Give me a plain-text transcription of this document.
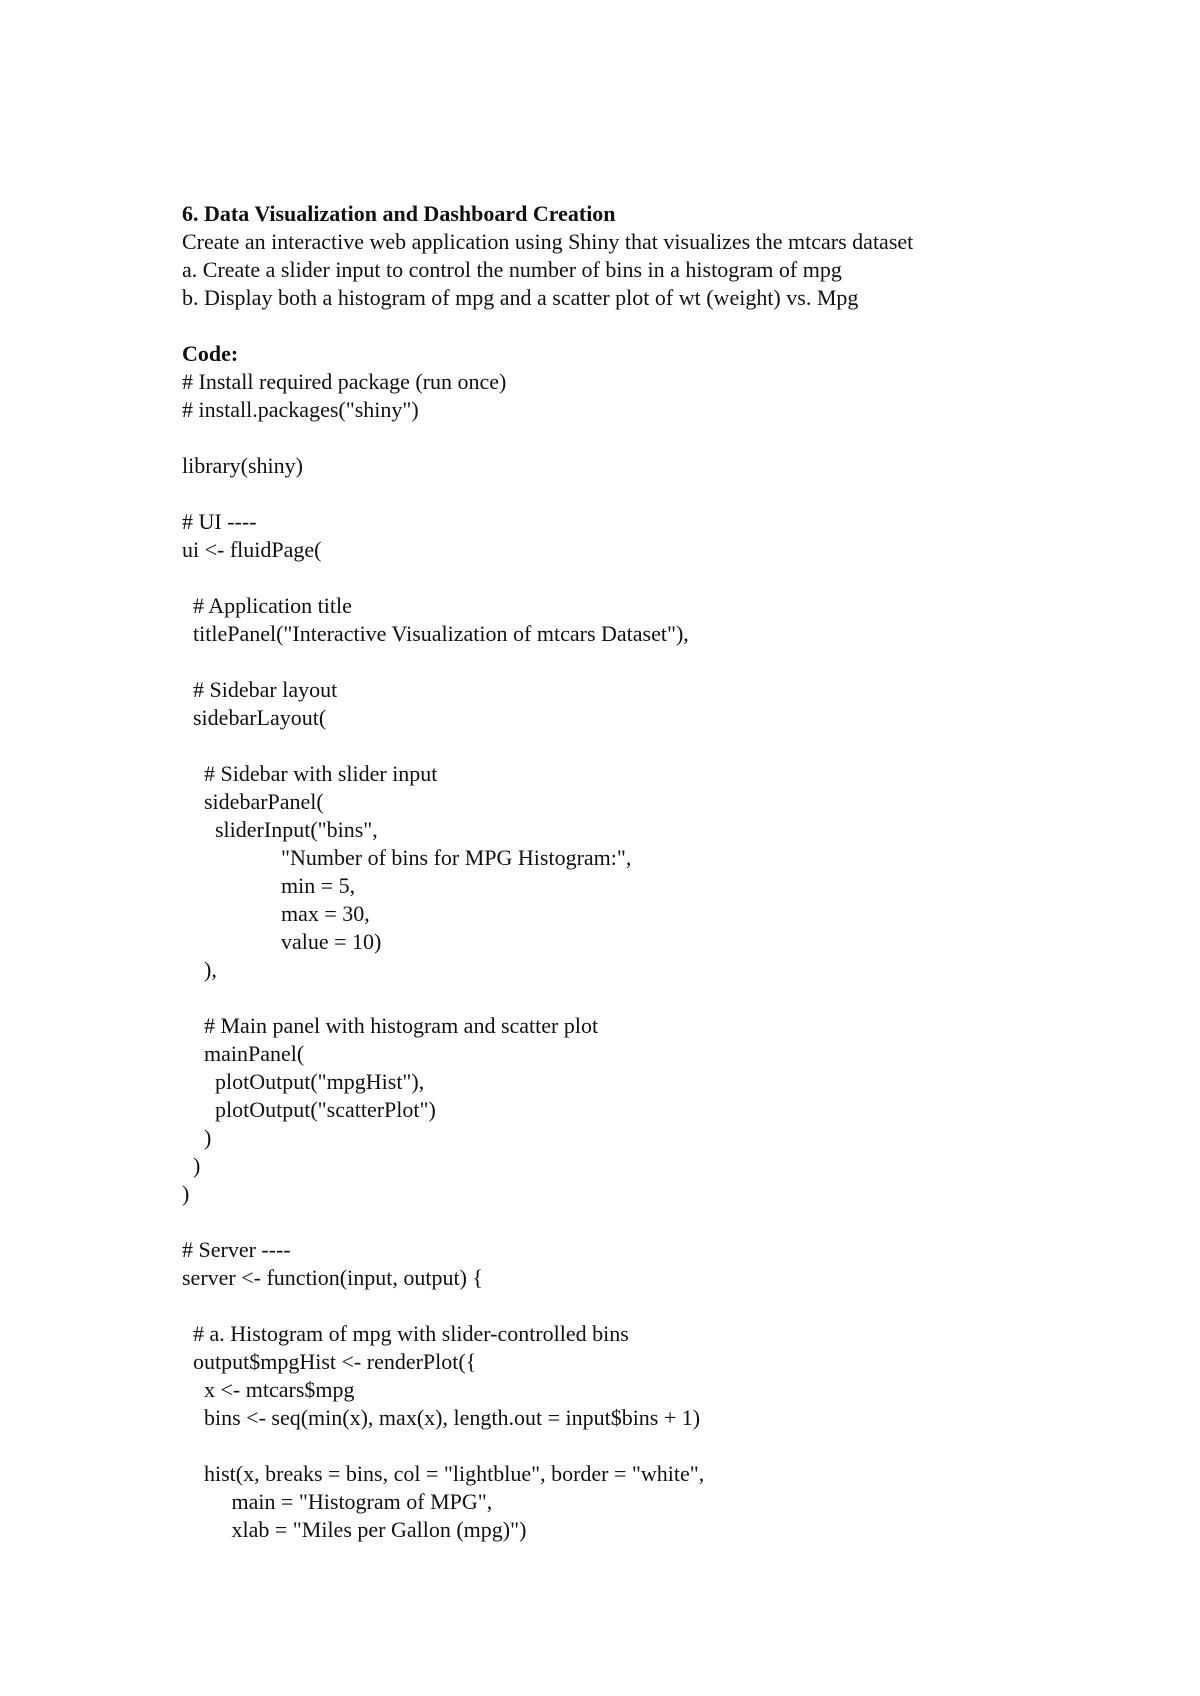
6. Data Visualization and Dashboard Creation
Create an interactive web application using Shiny that visualizes the mtcars dataset
a. Create a slider input to control the number of bins in a histogram of mpg
b. Display both a histogram of mpg and a scatter plot of wt (weight) vs. Mpg
Code:
# Install required package (run once)
# install.packages("shiny")
library(shiny)
# UI ----
ui <- fluidPage(
# Application title
titlePanel("Interactive Visualization of mtcars Dataset"),
# Sidebar layout
sidebarLayout(
# Sidebar with slider input
sidebarPanel(
sliderInput("bins",
"Number of bins for MPG Histogram:",
min = 5,
max = 30,
value = 10)
),
# Main panel with histogram and scatter plot
mainPanel(
plotOutput("mpgHist"),
plotOutput("scatterPlot")
)
)
)
# Server ----
server <- function(input, output) {
# a. Histogram of mpg with slider-controlled bins
output$mpgHist <- renderPlot({
x <- mtcars$mpg
bins <- seq(min(x), max(x), length.out = input$bins + 1)
hist(x, breaks = bins, col = "lightblue", border = "white",
main = "Histogram of MPG",
xlab = "Miles per Gallon (mpg)")
